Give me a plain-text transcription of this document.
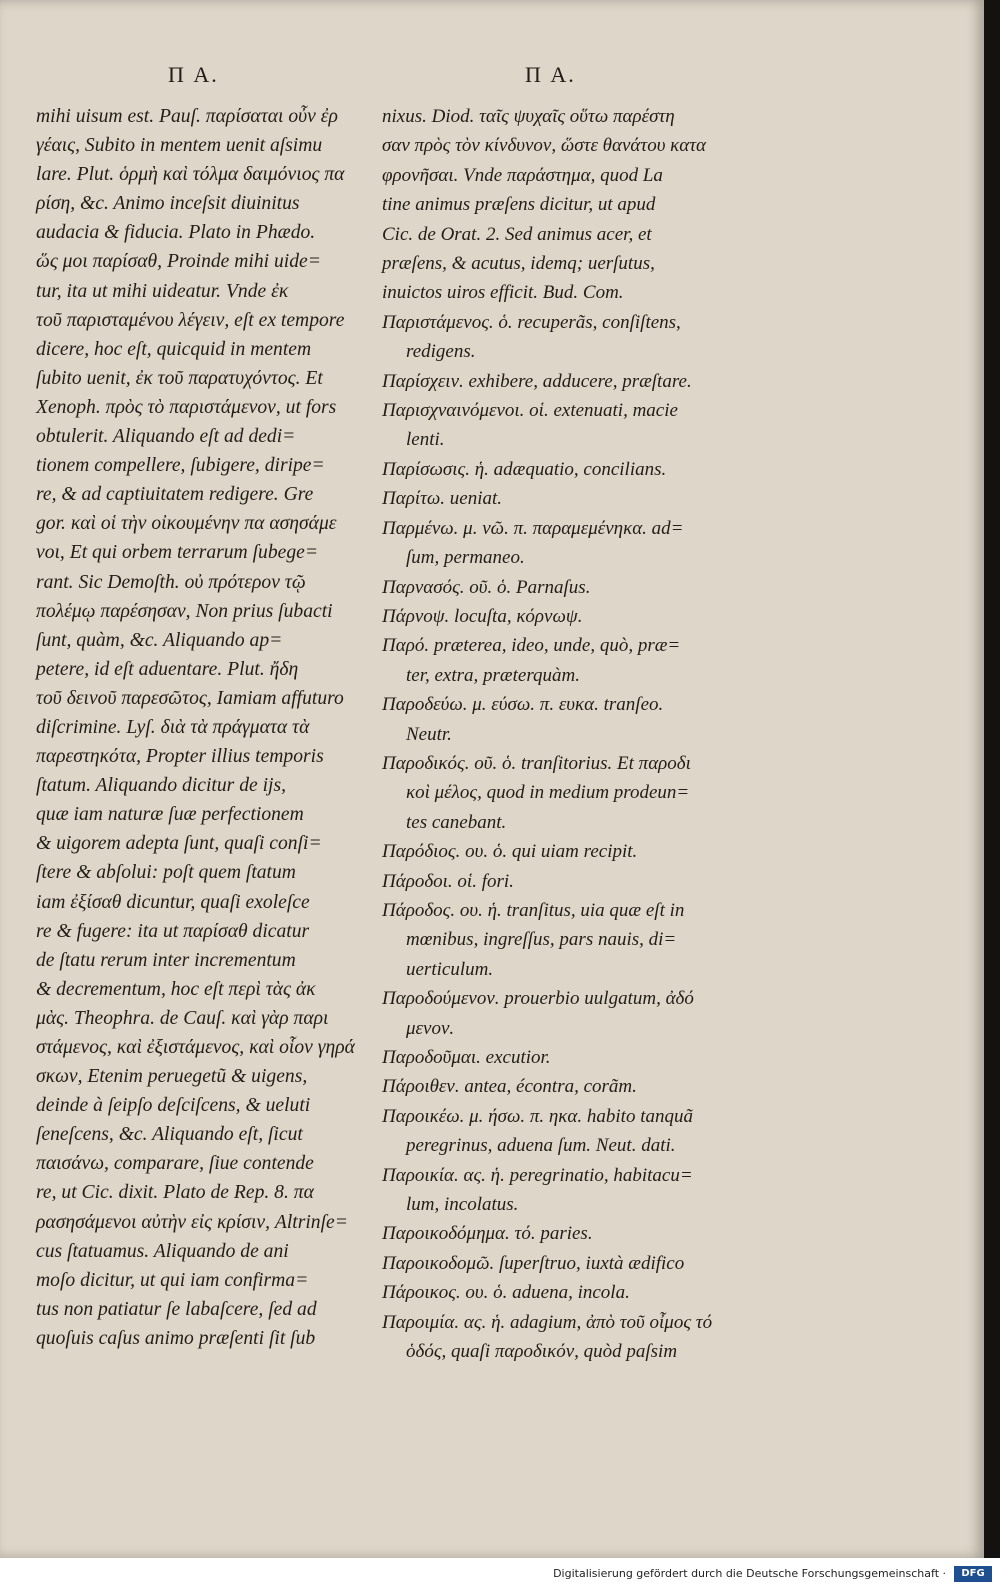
Π A.	Π A.
mihi uisum est. Pauſ. παρίσαται οὖν ἐρ
γέαις, Subito in mentem uenit aſsimu
lare. Plut. ὁρμὴ καὶ τόλμα δαιμόνιος πα
ρίση, &c. Animo inceſsit diuinitus
audacia & fiducia. Plato in Phædo.
ὥς μοι παρίσαθ, Proinde mihi uide=
tur, ita ut mihi uideatur. Vnde ἐκ
τοῦ παρισταμένου λέγειν, eſt ex tempore
dicere, hoc eſt, quicquid in mentem
ſubito uenit, ἐκ τοῦ παρατυχόντος. Et
Xenoph. πρὸς τὸ παριστάμενον, ut fors
obtulerit. Aliquando eſt ad dedi=
tionem compellere, ſubigere, diripe=
re, & ad captiuitatem redigere. Gre
gor. καὶ οἱ τὴν οἰκουμένην πα ασησάμε
νοι, Et qui orbem terrarum ſubege=
rant. Sic Demoſth. οὐ πρότερον τῷ
πολέμῳ παρέσησαν, Non prius ſubacti
ſunt, quàm, &c. Aliquando ap=
petere, id eſt aduentare. Plut. ἤδη
τοῦ δεινοῦ παρεσῶτος, Iamiam affuturo
diſcrimine. Lyſ. διὰ τὰ πράγματα τὰ
παρεστηκότα, Propter illius temporis
ſtatum. Aliquando dicitur de ijs,
quæ iam naturæ ſuæ perfectionem
& uigorem adepta ſunt, quaſi conſi=
ſtere & abſolui: poſt quem ſtatum
iam ἐξίσαθ dicuntur, quaſi exoleſce
re & fugere: ita ut παρίσαθ dicatur
de ſtatu rerum inter incrementum
& decrementum, hoc eſt περὶ τὰς ἀκ
μὰς. Theophra. de Cauſ. καὶ γὰρ παρι
στάμενος, καὶ ἐξιστάμενος, καὶ οἷον γηρά
σκων, Etenim peruegetũ & uigens,
deinde à ſeipſo deſciſcens, & ueluti
ſeneſcens, &c. Aliquando eſt, ſicut
παισάνω, comparare, ſiue contende
re, ut Cic. dixit. Plato de Rep. 8. πα
ρασησάμενοι αὐτὴν εἰς κρίσιν, Altrinſe=
cus ſtatuamus. Aliquando de ani
moſo dicitur, ut qui iam confirma=
tus non patiatur ſe labaſcere, ſed ad
quoſuis caſus animo præſenti ſit ſub
nixus. Diod. ταῖς ψυχαῖς οὕτω παρέστη
σαν πρὸς τὸν κίνδυνον, ὥστε θανάτου κατα
φρονῆσαι. Vnde παράστημα, quod La
tine animus præſens dicitur, ut apud
Cic. de Orat. 2. Sed animus acer, et
præſens, & acutus, idemq; uerſutus,
inuictos uiros efficit. Bud. Com.
Παριστάμενος. ὁ. recuperãs, conſiſtens,
redigens.
Παρίσχειν. exhibere, adducere, præſtare.
Παρισχναινόμενοι. οἱ. extenuati, macie
lenti.
Παρίσωσις. ἡ. adæquatio, concilians.
Παρίτω. ueniat.
Παρμένω. μ. νῶ. π. παραμεμένηκα. ad=
ſum, permaneo.
Παρνασός. οῦ. ὁ. Parnaſus.
Πάρνοψ. locuſta, κόρνωψ.
Παρό. præterea, ideo, unde, quò, præ=
ter, extra, præterquàm.
Παροδεύω. μ. εύσω. π. ευκα. tranſeo.
Neutr.
Παροδικός. οῦ. ὁ. tranſitorius. Et παροδι
κοὶ μέλος, quod in medium prodeun=
tes canebant.
Παρόδιος. ου. ὁ. qui uiam recipit.
Πάροδοι. οἱ. fori.
Πάροδος. ου. ἡ. tranſitus, uia quæ eſt in
mœnibus, ingreſſus, pars nauis, di=
uerticulum.
Παροδούμενον. prouerbio uulgatum, ἀδό
μενον.
Παροδοῦμαι. excutior.
Πάροιθεν. antea, écontra, corãm.
Παροικέω. μ. ήσω. π. ηκα. habito tanquã
peregrinus, aduena ſum. Neut. dati.
Παροικία. ας. ἡ. peregrinatio, habitacu=
lum, incolatus.
Παροικοδόμημα. τό. paries.
Παροικοδομῶ. ſuperſtruo, iuxtà ædifico
Πάροικος. ου. ὁ. aduena, incola.
Παροιμία. ας. ἡ. adagium, ἀπὸ τοῦ οἶμος τό
ὁδός, quaſi παροδικόν, quòd paſsim
Digitalisierung gefördert durch die Deutsche Forschungsgemeinschaft ·	DFG
